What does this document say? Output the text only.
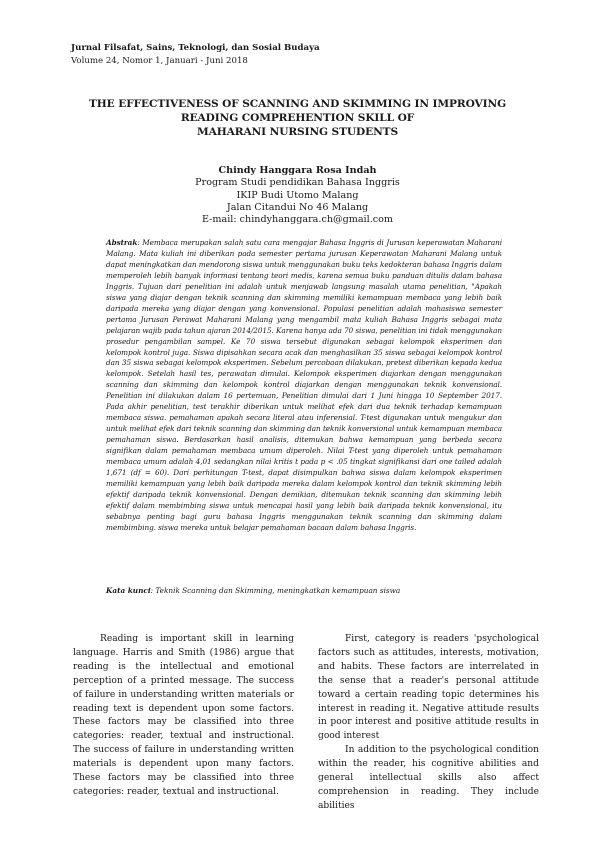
Jurnal Filsafat, Sains, Teknologi, dan Sosial Budaya
Volume 24, Nomor 1, Januari - Juni 2018
THE EFFECTIVENESS OF SCANNING AND SKIMMING IN IMPROVING
READING COMPREHENTION SKILL OF
MAHARANI NURSING STUDENTS
Chindy Hanggara Rosa Indah
Program Studi pendidikan Bahasa Inggris
IKIP Budi Utomo Malang
Jalan Citandui No 46 Malang
E-mail: chindyhanggara.ch@gmail.com
Abstrak: Membaca merupakan salah satu cara mengajar Bahasa Inggris di Jurusan keperawatan Maharani Malang. Mata kuliah ini diberikan pada semester pertama jurusan Keperawatan Maharani Malang untuk dapat meningkatkan dan mendorong siswa untuk menggunakan buku teks kedokteran bahasa Inggris dalam memperoleh lebih banyak informasi tentang teori medis, karena semua buku panduan ditulis dalam bahasa Inggris. Tujuan dari penelitian ini adalah untuk menjawab langsung masalah utama penelitian, "Apakah siswa yang diajar dengan teknik scanning dan skimming memiliki kemampuan membaca yang lebih baik daripada mereka yang diajar dengan yang konvensional. Populasi penelitian adalah mahasiswa semester pertama Jurusan Perawat Maharani Malang yang mengambil mata kuliah Bahasa Inggris sebagai mata pelajaran wajib pada tahun ajaran 2014/2015. Karena hanya ada 70 siswa, penelitian ini tidak menggunakan prosedur pengambilan sampel. Ke 70 siswa tersebut digunakan sebagai kelompok eksperimen dan kelompok kontrol juga. Siswa dipisahkan secara acak dan menghasilkan 35 siswa sebagai kelompok kontrol dan 35 siswa sebagai kelompok eksperimen. Sebelum percobaan dilakukan, pretest diberikan kepada kedua kelompok. Setelah hasil tes, perawatan dimulai. Kelompok eksperimen diajarkan dengan menggunakan scanning dan skimming dan kelompok kontrol diajarkan dengan menggunakan teknik konvensional. Penelitian ini dilakukan dalam 16 pertemuan, Penelitian dimulai dari 1 Juni hingga 10 September 2017. Pada akhir penelitian, test terakhir diberikan untuk melihat efek dari dua teknik terhadap kemampuan membaca siswa. pemahaman apakah secara literal atau inferensial. T-test digunakan untuk mengukur dan untuk melihat efek dari teknik scanning dan skimming dan teknik konversional untuk kemampuan membaca pemahaman siswa. Berdasarkan hasil analisis, ditemukan bahwa kemampuan yang berbeda secara signifikan dalam pemahaman membaca umum diperoleh. Nilai T-test yang diperoleh untuk pemahaman membaca umum adalah 4,01 sedangkan nilai kritis t pada p < .05 tingkat signifikansi dari one tailed adalah 1,671 (df = 60). Dari perhitungan T-test, dapat disimpulkan bahwa siswa dalam kelompok eksperimen memiliki kemampuan yang lebih baik daripada mereka dalam kelompok kontrol dan teknik skimming lebih efektif daripada teknik konvensional. Dengan demikian, ditemukan teknik scanning dan skimming lebih efektif dalam membimbing siswa untuk mencapai hasil yang lebih baik daripada teknik konvensional, itu sebabnya penting bagi guru bahasa Inggris menggunakan teknik scanning dan skimming dalam membimbing. siswa mereka untuk belajar pemahaman bacaan dalam bahasa Inggris.
Kata kunci: Teknik Scanning dan Skimming, meningkatkan kemampuan siswa

Reading is important skill in learning language. Harris and Smith (1986) argue that reading is the intellectual and emotional perception of a printed message. The success of failure in understanding written materials or reading text is dependent upon some factors. These factors may be classified into three categories: reader, textual and instructional. The success of failure in understanding written materials is dependent upon many factors. These factors may be classified into three categories: reader, textual and instructional.

First, category is readers 'psychological factors such as attitudes, interests, motivation, and habits. These factors are interrelated in the sense that a reader's personal attitude toward a certain reading topic determines his interest in reading it. Negative attitude results in poor interest and positive attitude results in good interest

In addition to the psychological condition within the reader, his cognitive abilities and general intellectual skills also affect comprehension in reading. They include abilities
